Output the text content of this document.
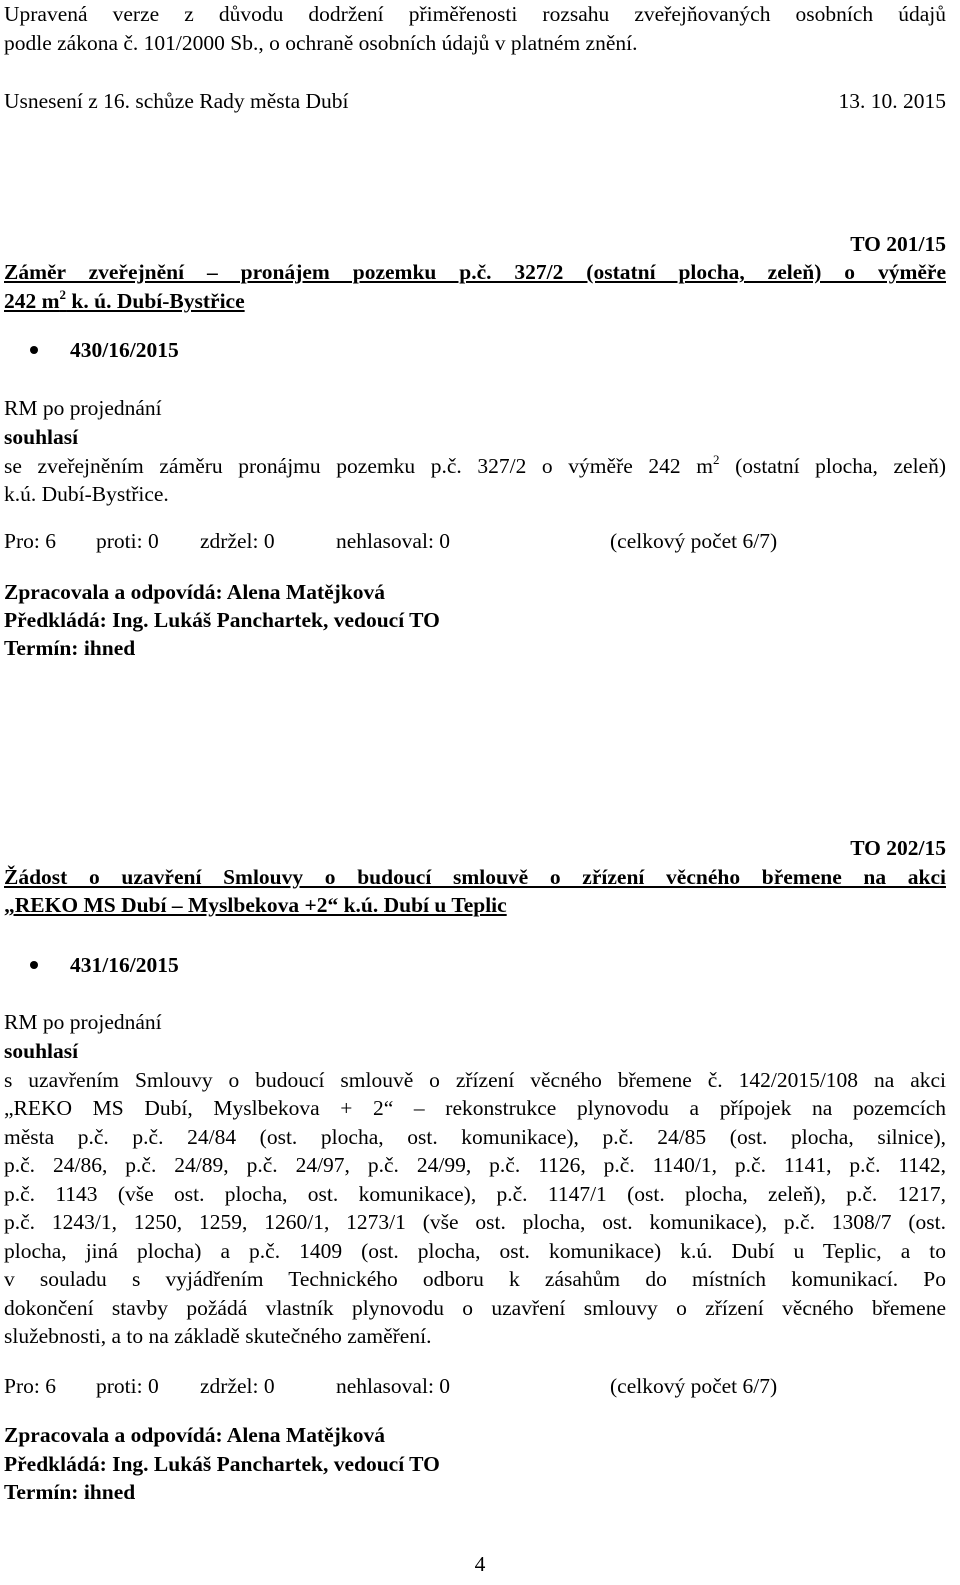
Upravená verze z důvodu dodržení přiměřenosti rozsahu zveřejňovaných osobních údajů
podle zákona č. 101/2000 Sb., o ochraně osobních údajů v platném znění.
Usnesení z 16. schůze Rady města Dubí	13. 10. 2015
TO 201/15
Záměr zveřejnění – pronájem pozemku p.č. 327/2 (ostatní plocha, zeleň) o výměře
242 $m^2$ k. ú. Dubí-Bystřice
430/16/2015
RM po projednání
souhlasí
se zveřejněním záměru pronájmu pozemku p.č. 327/2 o výměře 242 $m^2$ (ostatní plocha, zeleň)
k.ú. Dubí-Bystřice.
Pro: 6 proti: 0 zdržel: 0	nehlasoval: 0	(celkový počet 6/7)
Zpracovala a odpovídá: Alena Matějková
Předkládá: Ing. Lukáš Panchartek, vedoucí TO
Termín: ihned
TO 202/15
Žádost o uzavření Smlouvy o budoucí smlouvě o zřízení věcného břemene na akci
„REKO MS Dubí – Myslbekova +2“ k.ú. Dubí u Teplic
431/16/2015
RM po projednání
souhlasí
s uzavřením Smlouvy o budoucí smlouvě o zřízení věcného břemene č. 142/2015/108 na akci
„REKO MS Dubí, Myslbekova + 2“ – rekonstrukce plynovodu a přípojek na pozemcích
města p.č. p.č. 24/84 (ost. plocha, ost. komunikace), p.č. 24/85 (ost. plocha, silnice),
p.č. 24/86, p.č. 24/89, p.č. 24/97, p.č. 24/99, p.č. 1126, p.č. 1140/1, p.č. 1141, p.č. 1142,
p.č. 1143 (vše ost. plocha, ost. komunikace), p.č. 1147/1 (ost. plocha, zeleň), p.č. 1217,
p.č. 1243/1, 1250, 1259, 1260/1, 1273/1 (vše ost. plocha, ost. komunikace), p.č. 1308/7 (ost.
plocha, jiná plocha) a p.č. 1409 (ost. plocha, ost. komunikace) k.ú. Dubí u Teplic, a to
v souladu s vyjádřením Technického odboru k zásahům do místních komunikací. Po
dokončení stavby požádá vlastník plynovodu o uzavření smlouvy o zřízení věcného břemene
služebnosti, a to na základě skutečného zaměření.
Pro: 6 proti: 0 zdržel: 0	nehlasoval: 0	(celkový počet 6/7)
Zpracovala a odpovídá: Alena Matějková
Předkládá: Ing. Lukáš Panchartek, vedoucí TO
Termín: ihned
4
